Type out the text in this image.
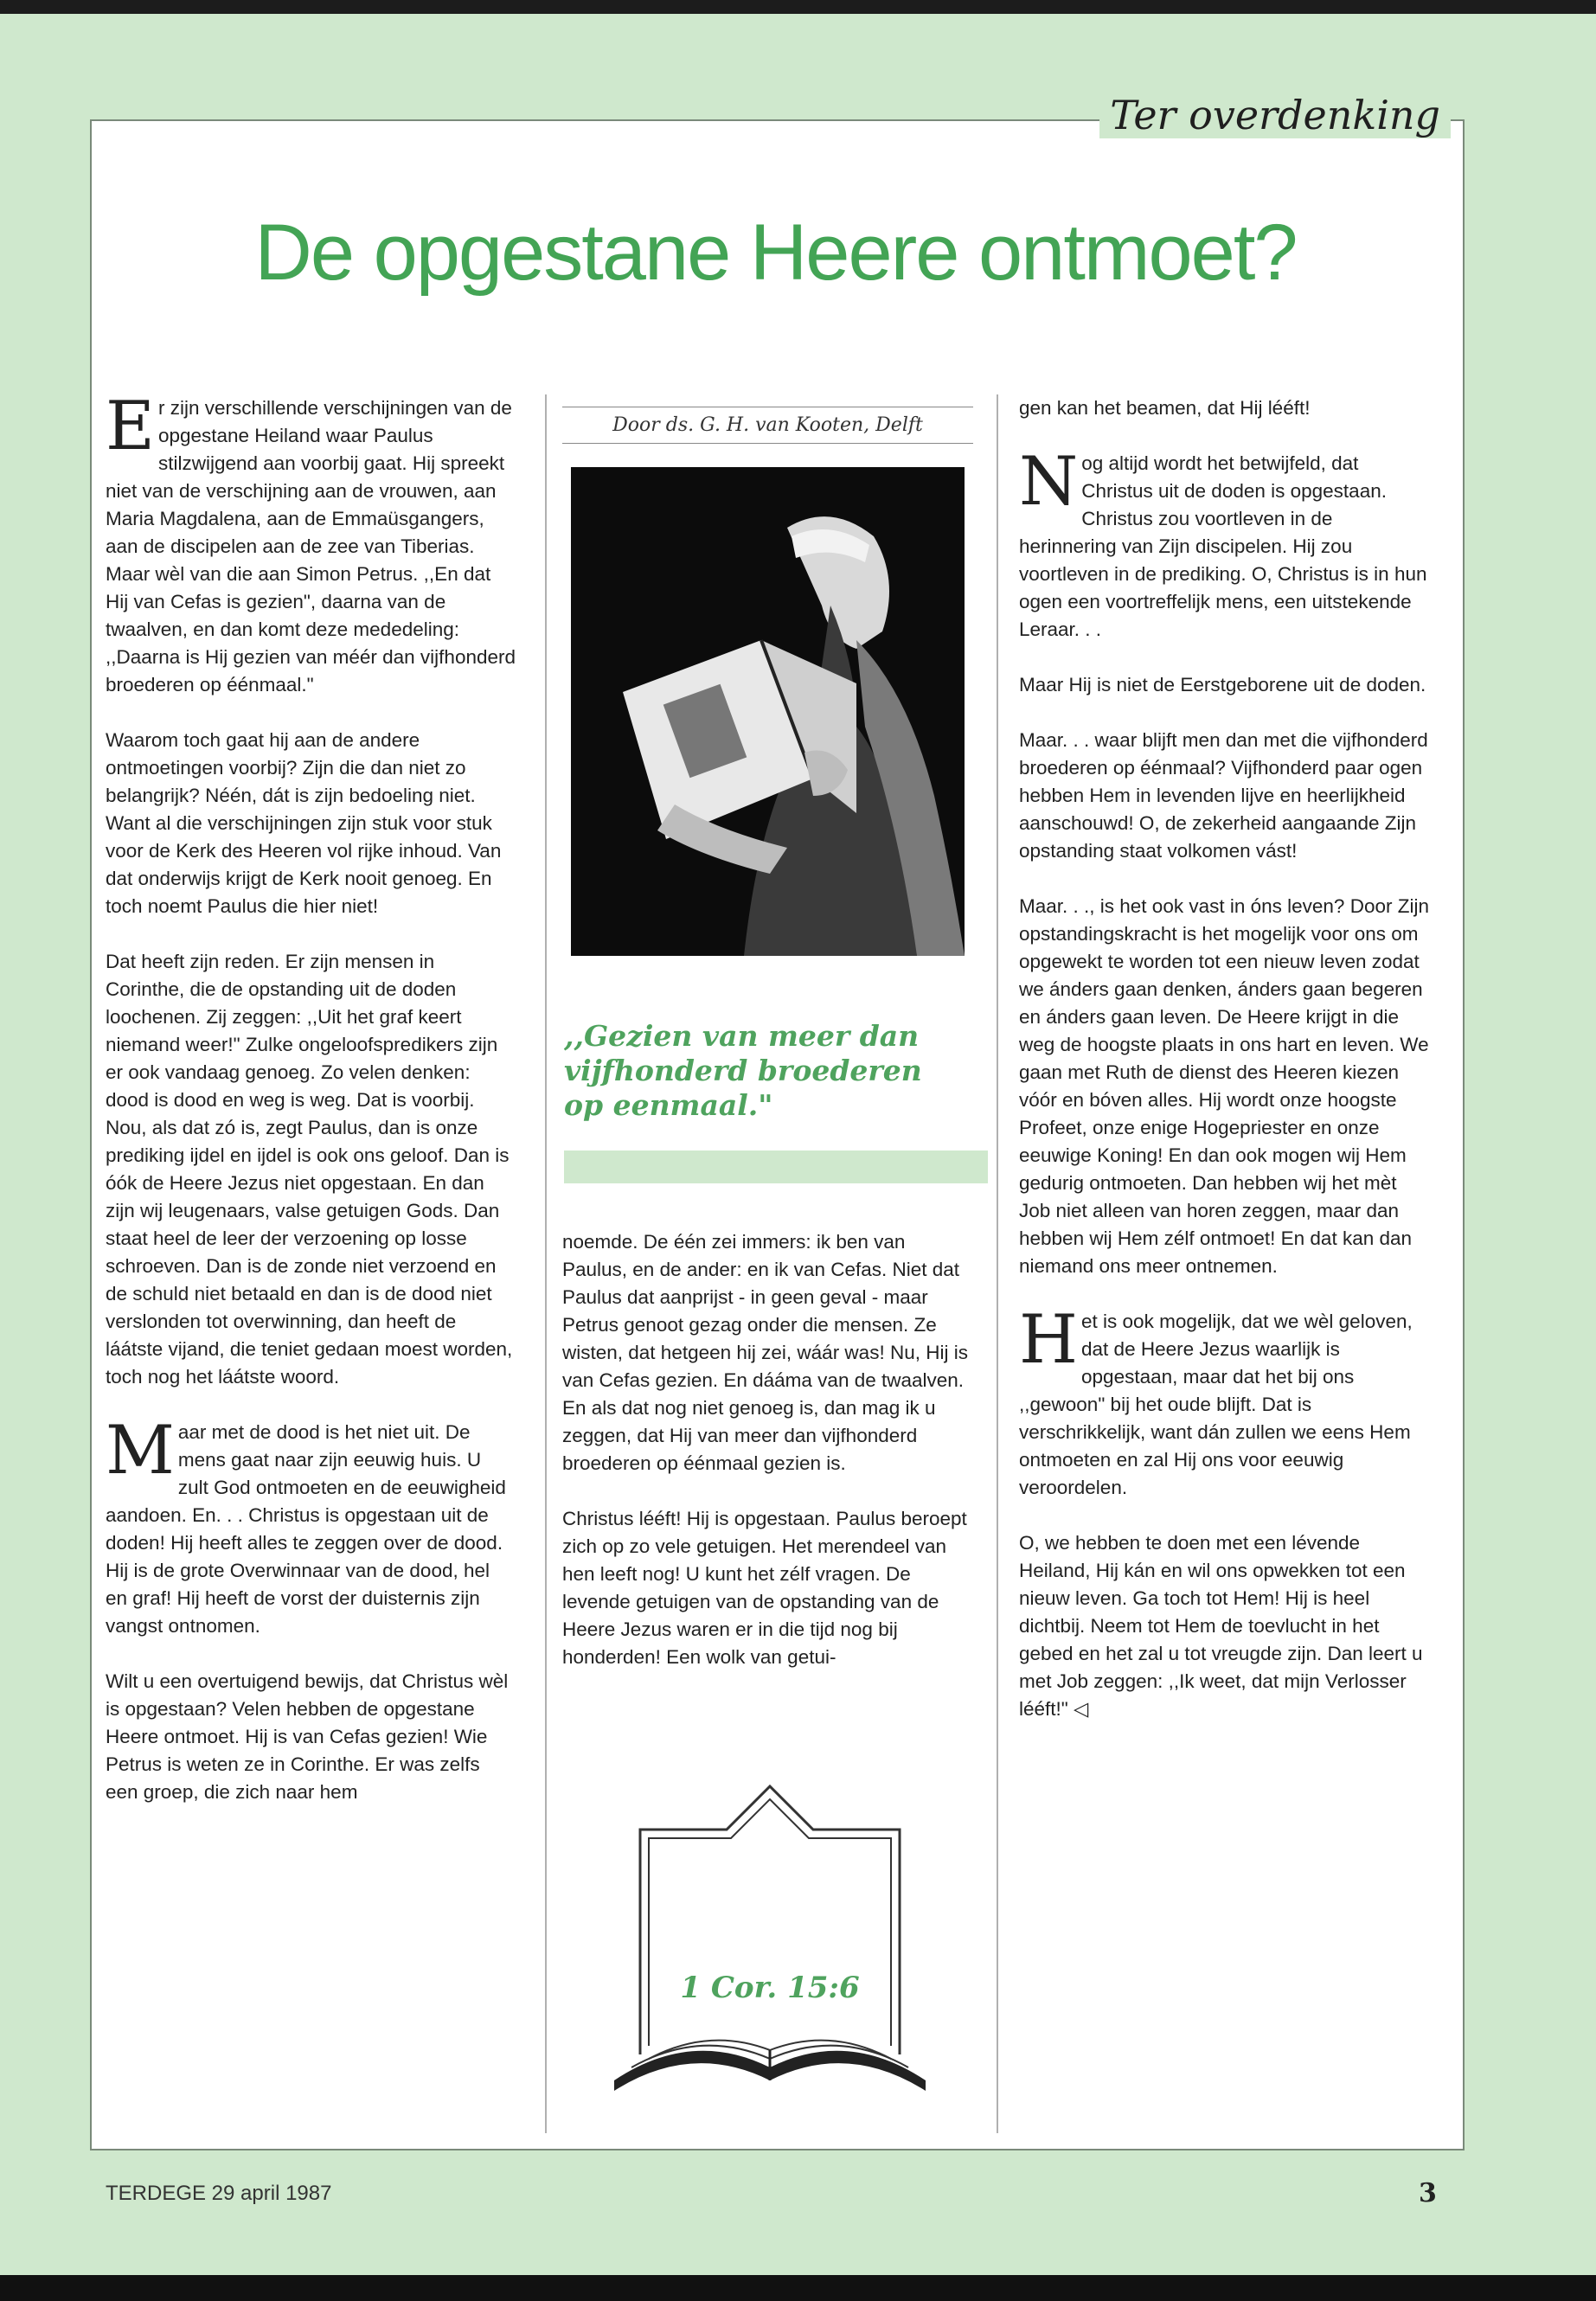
Ter overdenking
De opgestane Heere ontmoet?

Er zijn verschillende verschijningen van de opgestane Heiland waar Paulus stilzwijgend aan voorbij gaat. Hij spreekt niet van de verschijning aan de vrouwen, aan Maria Magdalena, aan de Emmaüsgangers, aan de discipelen aan de zee van Tiberias. Maar wèl van die aan Simon Petrus. ,,En dat Hij van Cefas is gezien", daarna van de twaalven, en dan komt deze mededeling: ,,Daarna is Hij gezien van méér dan vijfhonderd broederen op éénmaal."

Waarom toch gaat hij aan de andere ontmoetingen voorbij? Zijn die dan niet zo belangrijk? Néén, dát is zijn bedoeling niet. Want al die verschijningen zijn stuk voor stuk voor de Kerk des Heeren vol rijke inhoud. Van dat onderwijs krijgt de Kerk nooit genoeg. En toch noemt Paulus die hier niet!

Dat heeft zijn reden. Er zijn mensen in Corinthe, die de opstanding uit de doden loochenen. Zij zeggen: ,,Uit het graf keert niemand weer!" Zulke ongeloofspredikers zijn er ook vandaag genoeg. Zo velen denken: dood is dood en weg is weg. Dat is voorbij. Nou, als dat zó is, zegt Paulus, dan is onze prediking ijdel en ijdel is ook ons geloof. Dan is óók de Heere Jezus niet opgestaan. En dan zijn wij leugenaars, valse getuigen Gods. Dan staat heel de leer der verzoening op losse schroeven. Dan is de zonde niet verzoend en de schuld niet betaald en dan is de dood niet verslonden tot overwinning, dan heeft de láátste vijand, die teniet gedaan moest worden, toch nog het láátste woord.

Maar met de dood is het niet uit. De mens gaat naar zijn eeuwig huis. U zult God ontmoeten en de eeuwigheid aandoen. En. . . Christus is opgestaan uit de doden! Hij heeft alles te zeggen over de dood. Hij is de grote Overwinnaar van de dood, hel en graf! Hij heeft de vorst der duisternis zijn vangst ontnomen.

Wilt u een overtuigend bewijs, dat Christus wèl is opgestaan? Velen hebben de opgestane Heere ontmoet. Hij is van Cefas gezien! Wie Petrus is weten ze in Corinthe. Er was zelfs een groep, die zich naar hem

Door ds. G. H. van Kooten, Delft
,,Gezien van meer dan vijfhonderd broederen op eenmaal."

noemde. De één zei immers: ik ben van Paulus, en de ander: en ik van Cefas. Niet dat Paulus dat aanprijst - in geen geval - maar Petrus genoot gezag onder die mensen. Ze wisten, dat hetgeen hij zei, wáár was! Nu, Hij is van Cefas gezien. En dááma van de twaalven. En als dat nog niet genoeg is, dan mag ik u zeggen, dat Hij van meer dan vijfhonderd broederen op éénmaal gezien is.

Christus lééft! Hij is opgestaan. Paulus beroept zich op zo vele getuigen. Het merendeel van hen leeft nog! U kunt het zélf vragen. De levende getuigen van de opstanding van de Heere Jezus waren er in die tijd nog bij honderden! Een wolk van getui-

1 Cor. 15:6

gen kan het beamen, dat Hij lééft!

Nog altijd wordt het betwijfeld, dat Christus uit de doden is opgestaan. Christus zou voortleven in de herinnering van Zijn discipelen. Hij zou voortleven in de prediking. O, Christus is in hun ogen een voortreffelijk mens, een uitstekende Leraar. . .

Maar Hij is niet de Eerstgeborene uit de doden.

Maar. . . waar blijft men dan met die vijfhonderd broederen op éénmaal? Vijfhonderd paar ogen hebben Hem in levenden lijve en heerlijkheid aanschouwd! O, de zekerheid aangaande Zijn opstanding staat volkomen vást!

Maar. . ., is het ook vast in óns leven? Door Zijn opstandingskracht is het mogelijk voor ons om opgewekt te worden tot een nieuw leven zodat we ánders gaan denken, ánders gaan begeren en ánders gaan leven. De Heere krijgt in die weg de hoogste plaats in ons hart en leven. We gaan met Ruth de dienst des Heeren kiezen vóór en bóven alles. Hij wordt onze hoogste Profeet, onze enige Hogepriester en onze eeuwige Koning! En dan ook mogen wij Hem gedurig ontmoeten. Dan hebben wij het mèt Job niet alleen van horen zeggen, maar dan hebben wij Hem zélf ontmoet! En dat kan dan niemand ons meer ontnemen.

Het is ook mogelijk, dat we wèl geloven, dat de Heere Jezus waarlijk is opgestaan, maar dat het bij ons ,,gewoon" bij het oude blijft. Dat is verschrikkelijk, want dán zullen we eens Hem ontmoeten en zal Hij ons voor eeuwig veroordelen.

O, we hebben te doen met een lévende Heiland, Hij kán en wil ons opwekken tot een nieuw leven. Ga toch tot Hem! Hij is heel dichtbij. Neem tot Hem de toevlucht in het gebed en het zal u tot vreugde zijn. Dan leert u met Job zeggen: ,,Ik weet, dat mijn Verlosser lééft!" ◁

TERDEGE 29 april 1987	3
